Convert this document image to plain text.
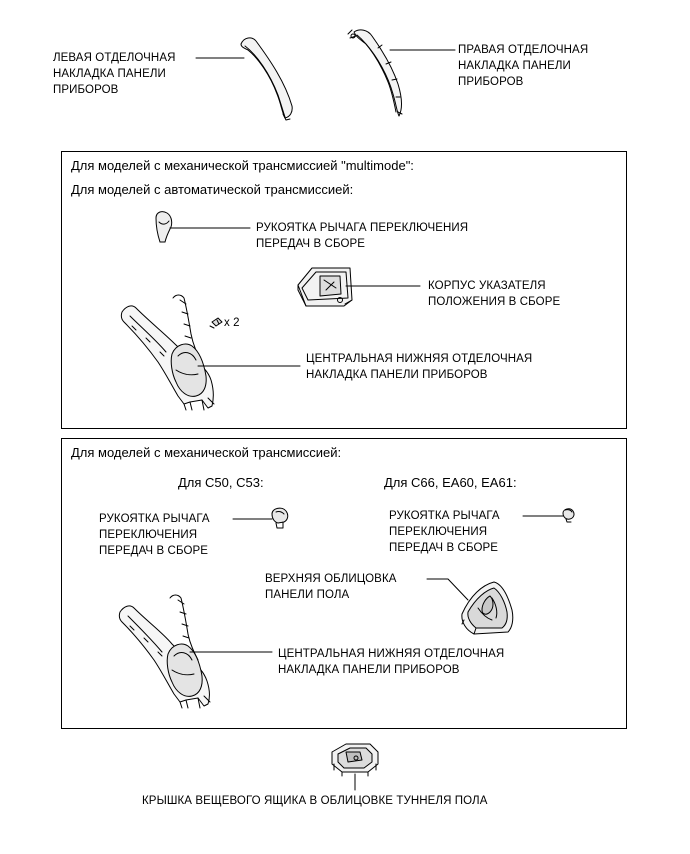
ЛЕВАЯ ОТДЕЛОЧНАЯ
НАКЛАДКА ПАНЕЛИ
ПРИБОРОВ
ПРАВАЯ ОТДЕЛОЧНАЯ
НАКЛАДКА ПАНЕЛИ
ПРИБОРОВ
Для моделей с механической трансмиссией "multimode":
Для моделей с автоматической трансмиссией:
РУКОЯТКА РЫЧАГА ПЕРЕКЛЮЧЕНИЯ
ПЕРЕДАЧ В СБОРЕ
КОРПУС УКАЗАТЕЛЯ
ПОЛОЖЕНИЯ В СБОРЕ
x 2
ЦЕНТРАЛЬНАЯ НИЖНЯЯ ОТДЕЛОЧНАЯ
НАКЛАДКА ПАНЕЛИ ПРИБОРОВ
Для моделей с механической трансмиссией:
Для C50, C53:	Для C66, EA60, EA61:
РУКОЯТКА РЫЧАГА
ПЕРЕКЛЮЧЕНИЯ
ПЕРЕДАЧ В СБОРЕ
РУКОЯТКА РЫЧАГА
ПЕРЕКЛЮЧЕНИЯ
ПЕРЕДАЧ В СБОРЕ
ВЕРХНЯЯ ОБЛИЦОВКА
ПАНЕЛИ ПОЛА
ЦЕНТРАЛЬНАЯ НИЖНЯЯ ОТДЕЛОЧНАЯ
НАКЛАДКА ПАНЕЛИ ПРИБОРОВ
КРЫШКА ВЕЩЕВОГО ЯЩИКА В ОБЛИЦОВКЕ ТУННЕЛЯ ПОЛА
